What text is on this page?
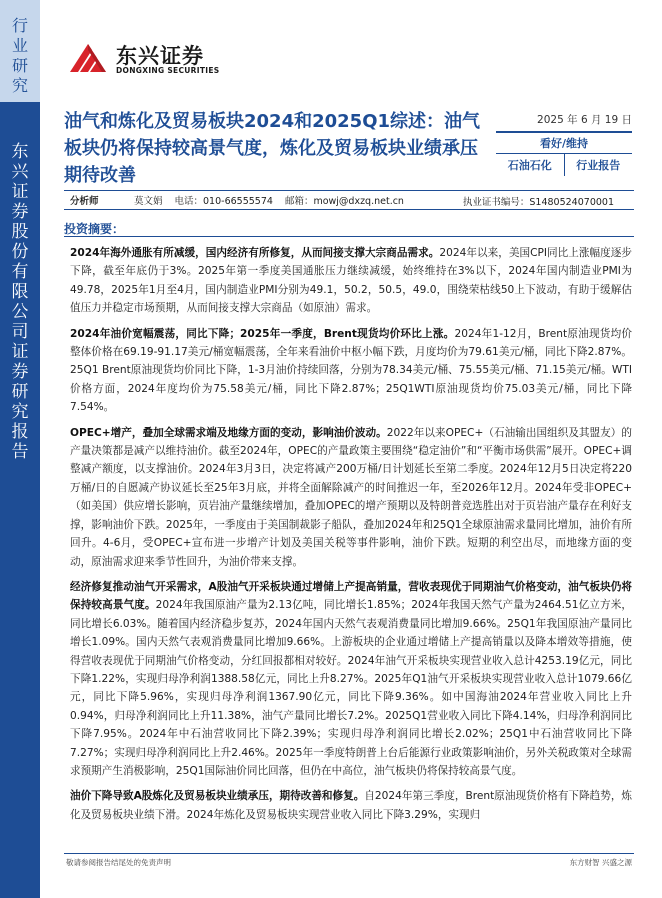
行业研究
东兴证券股份有限公司证券研究报告
东兴证券
DONGXING SECURITIES
油气和炼化及贸易板块2024和2025Q1综述：油气板块仍将保持较高景气度，炼化及贸易板块业绩承压期待改善
2025 年 6 月 19 日
看好/维持
石油石化	行业报告
分析师	莫文娟 电话：010-66555574 邮箱：mowj@dxzq.net.cn	执业证书编号：S1480524070001
投资摘要：

2024年海外通胀有所减缓，国内经济有所修复，从而间接支撑大宗商品需求。2024年以来，美国CPI同比上涨幅度逐步下降，截至年底仍于3%。2025年第一季度美国通胀压力继续减缓，始终维持在3%以下，2024年国内制造业PMI为49.78，2025年1月至4月，国内制造业PMI分别为49.1，50.2，50.5，49.0，围绕荣枯线50上下波动，有助于缓解估值压力并稳定市场预期，从而间接支撑大宗商品（如原油）需求。

2024年油价宽幅震荡，同比下降；2025年一季度，Brent现货均价环比上涨。2024年1-12月，Brent原油现货均价整体价格在69.19-91.17美元/桶宽幅震荡，全年来看油价中枢小幅下跌，月度均价为79.61美元/桶，同比下降2.87%。25Q1 Brent原油现货均价同比下降，1-3月油价持续回落，分别为78.34美元/桶、75.55美元/桶、71.15美元/桶。WTI价格方面，2024年度均价为75.58美元/桶，同比下降2.87%；25Q1WTI原油现货均价75.03美元/桶，同比下降7.54%。

OPEC+增产，叠加全球需求端及地缘方面的变动，影响油价波动。2022年以来OPEC+（石油输出国组织及其盟友）的产量决策都是减产以维持油价。截至2024年，OPEC的产量政策主要围绕“稳定油价”和“平衡市场供需”展开。OPEC+调整减产额度，以支撑油价。2024年3月3日，决定将减产200万桶/日计划延长至第二季度。2024年12月5日决定将220万桶/日的自愿减产协议延长至25年3月底，并将全面解除减产的时间推迟一年，至2026年12月。2024年受非OPEC+（如美国）供应增长影响，页岩油产量继续增加，叠加OPEC的增产预期以及特朗普竞选胜出对于页岩油产量存在利好支撑，影响油价下跌。2025年，一季度由于美国制裁影子船队，叠加2024年和25Q1全球原油需求量同比增加，油价有所回升。4-6月，受OPEC+宣布进一步增产计划及美国关税等事件影响，油价下跌。短期的利空出尽，而地缘方面的变动，原油需求迎来季节性回升，为油价带来支撑。

经济修复推动油气开采需求，A股油气开采板块通过增储上产提高销量，营收表现优于同期油气价格变动，油气板块仍将保持较高景气度。2024年我国原油产量为2.13亿吨，同比增长1.85%；2024年我国天然气产量为2464.51亿立方米，同比增长6.03%。随着国内经济稳步复苏，2024年国内天然气表观消费量同比增加9.66%。25Q1年我国原油产量同比增长1.09%。国内天然气表观消费量同比增加9.66%。上游板块的企业通过增储上产提高销量以及降本增效等措施，使得营收表现优于同期油气价格变动，分红回报都相对较好。2024年油气开采板块实现营业收入总计4253.19亿元，同比下降1.22%，实现归母净利润1388.58亿元，同比上升8.27%。2025年Q1油气开采板块实现营业收入总计1079.66亿元，同比下降5.96%，实现归母净利润1367.90亿元，同比下降9.36%。如中国海油2024年营业收入同比上升0.94%，归母净利润同比上升11.38%，油气产量同比增长7.2%。2025Q1营业收入同比下降4.14%，归母净利润同比下降7.95%。2024年中石油营收同比下降2.39%；实现归母净利润同比增长2.02%；25Q1中石油营收同比下降7.27%；实现归母净利润同比上升2.46%。2025年一季度特朗普上台后能源行业政策影响油价，另外关税政策对全球需求预期产生消极影响，25Q1国际油价同比回落，但仍在中高位，油气板块仍将保持较高景气度。

油价下降导致A股炼化及贸易板块业绩承压，期待改善和修复。自2024年第三季度，Brent原油现货价格有下降趋势，炼化及贸易板块业绩下滑。2024年炼化及贸易板块实现营业收入同比下降3.29%，实现归

敬请参阅报告结尾处的免责声明	东方财智 兴盛之源
